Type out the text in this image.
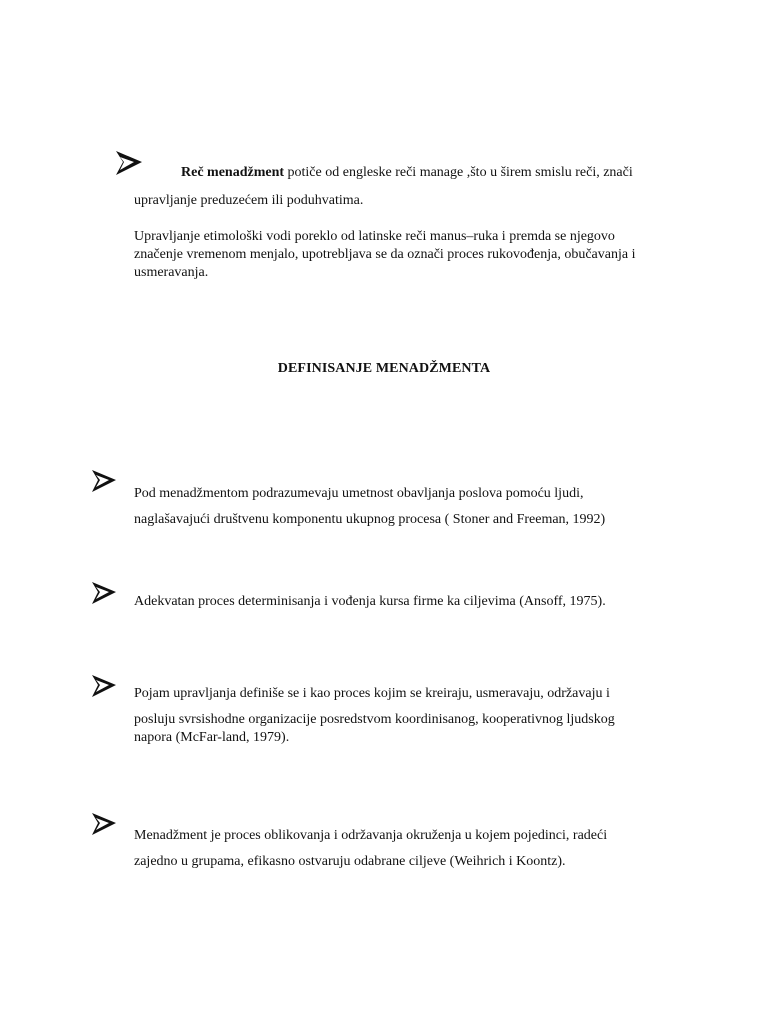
Reč menadžment potiče od engleske reči manage ,što u širem smislu reči, znači
upravljanje preduzećem ili poduhvatima.
Upravljanje etimološki vodi poreklo od latinske reči manus–ruka i premda se njegovo
značenje vremenom menjalo, upotrebljava se da označi proces rukovođenja, obučavanja i
usmeravanja.
DEFINISANJE MENADŽMENTA
Pod menadžmentom podrazumevaju umetnost obavljanja poslova pomoću ljudi,
naglašavajući društvenu komponentu ukupnog procesa ( Stoner and Freeman, 1992)
Adekvatan proces determinisanja i vođenja kursa firme ka ciljevima (Ansoff, 1975).
Pojam upravljanja definiše se i kao proces kojim se kreiraju, usmeravaju, održavaju i
posluju svrsishodne organizacije posredstvom koordinisanog, kooperativnog ljudskog
napora (McFar-land, 1979).
Menadžment je proces oblikovanja i održavanja okruženja u kojem pojedinci, radeći
zajedno u grupama, efikasno ostvaruju odabrane ciljeve (Weihrich i Koontz).
